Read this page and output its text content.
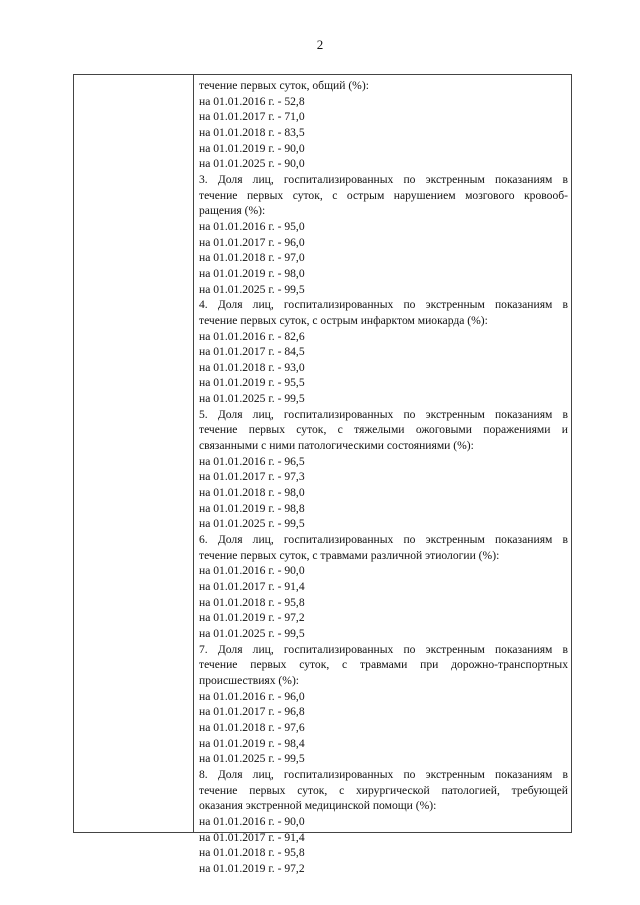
2
течение первых суток, общий (%):
на 01.01.2016 г. - 52,8
на 01.01.2017 г. - 71,0
на 01.01.2018 г. - 83,5
на 01.01.2019 г. - 90,0
на 01.01.2025 г. - 90,0
3. Доля лиц, госпитализированных по экстренным показаниям в
течение первых суток, с острым нарушением мозгового кровооб-
ращения (%):
на 01.01.2016 г. - 95,0
на 01.01.2017 г. - 96,0
на 01.01.2018 г. - 97,0
на 01.01.2019 г. - 98,0
на 01.01.2025 г. - 99,5
4. Доля лиц, госпитализированных по экстренным показаниям в
течение первых суток, с острым инфарктом миокарда (%):
на 01.01.2016 г. - 82,6
на 01.01.2017 г. - 84,5
на 01.01.2018 г. - 93,0
на 01.01.2019 г. - 95,5
на 01.01.2025 г. - 99,5
5. Доля лиц, госпитализированных по экстренным показаниям в
течение первых суток, с тяжелыми ожоговыми поражениями и
связанными с ними патологическими состояниями (%):
на 01.01.2016 г. - 96,5
на 01.01.2017 г. - 97,3
на 01.01.2018 г. - 98,0
на 01.01.2019 г. - 98,8
на 01.01.2025 г. - 99,5
6. Доля лиц, госпитализированных по экстренным показаниям в
течение первых суток, с травмами различной этиологии (%):
на 01.01.2016 г. - 90,0
на 01.01.2017 г. - 91,4
на 01.01.2018 г. - 95,8
на 01.01.2019 г. - 97,2
на 01.01.2025 г. - 99,5
7. Доля лиц, госпитализированных по экстренным показаниям в
течение первых суток, с травмами при дорожно-транспортных
происшествиях (%):
на 01.01.2016 г. - 96,0
на 01.01.2017 г. - 96,8
на 01.01.2018 г. - 97,6
на 01.01.2019 г. - 98,4
на 01.01.2025 г. - 99,5
8. Доля лиц, госпитализированных по экстренным показаниям в
течение первых суток, с хирургической патологией, требующей
оказания экстренной медицинской помощи (%):
на 01.01.2016 г. - 90,0
на 01.01.2017 г. - 91,4
на 01.01.2018 г. - 95,8
на 01.01.2019 г. - 97,2
